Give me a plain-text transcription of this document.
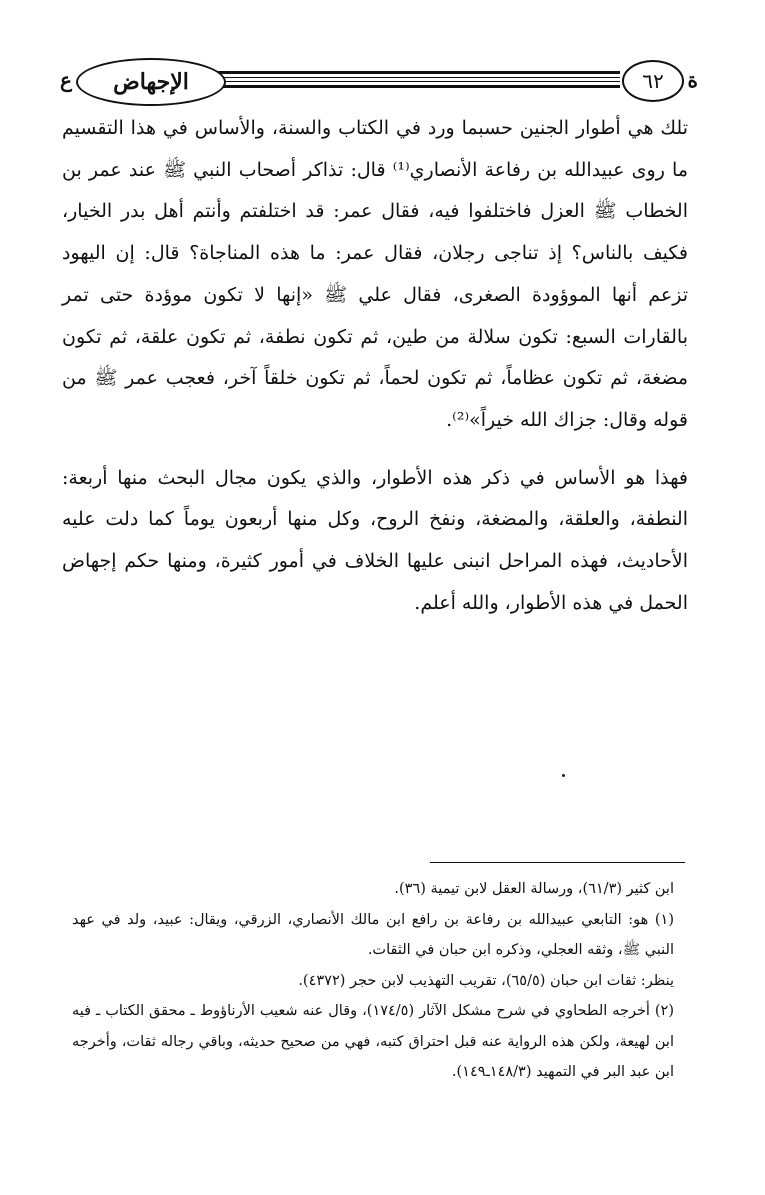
ﻉ الإجهاض	٦٢ ﺓ

تلك هي أطوار الجنين حسبما ورد في الكتاب والسنة، والأساس في هذا التقسيم ما روى عبيدالله بن رفاعة الأنصاري⁽¹⁾ قال: تذاكر أصحاب النبي ﷺ عند عمر بن الخطاب ﷺ العزل فاختلفوا فيه، فقال عمر: قد اختلفتم وأنتم أهل بدر الخيار، فكيف بالناس؟ إذ تناجى رجلان، فقال عمر: ما هذه المناجاة؟ قال: إن اليهود تزعم أنها الموؤودة الصغرى، فقال علي ﷺ «إنها لا تكون موؤدة حتى تمر بالقارات السبع: تكون سلالة من طين، ثم تكون نطفة، ثم تكون علقة، ثم تكون مضغة، ثم تكون عظاماً، ثم تكون لحماً، ثم تكون خلقاً آخر، فعجب عمر ﷺ من قوله وقال: جزاك الله خيراً»⁽²⁾.

فهذا هو الأساس في ذكر هذه الأطوار، والذي يكون مجال البحث منها أربعة: النطفة، والعلقة، والمضغة، ونفخ الروح، وكل منها أربعون يوماً كما دلت عليه الأحاديث، فهذه المراحل انبنى عليها الخلاف في أمور كثيرة، ومنها حكم إجهاض الحمل في هذه الأطوار، والله أعلم.

ابن كثير (٦١/٣)، ورسالة العقل لابن تيمية (٣٦).

(١) هو: التابعي عبيدالله بن رفاعة بن رافع ابن مالك الأنصاري، الزرقي، ويقال: عبيد، ولد في عهد النبي ﷺ، وثقه العجلي، وذكره ابن حبان في الثقات.

ينظر: ثقات ابن حبان (٦٥/٥)، تقريب التهذيب لابن حجر (٤٣٧٢).

(٢) أخرجه الطحاوي في شرح مشكل الآثار (١٧٤/٥)، وقال عنه شعيب الأرناؤوط ـ محقق الكتاب ـ فيه ابن لهيعة، ولكن هذه الرواية عنه قبل احتراق كتبه، فهي من صحيح حديثه، وباقي رجاله ثقات، وأخرجه ابن عبد البر في التمهيد (١٤٨/٣ـ١٤٩).
